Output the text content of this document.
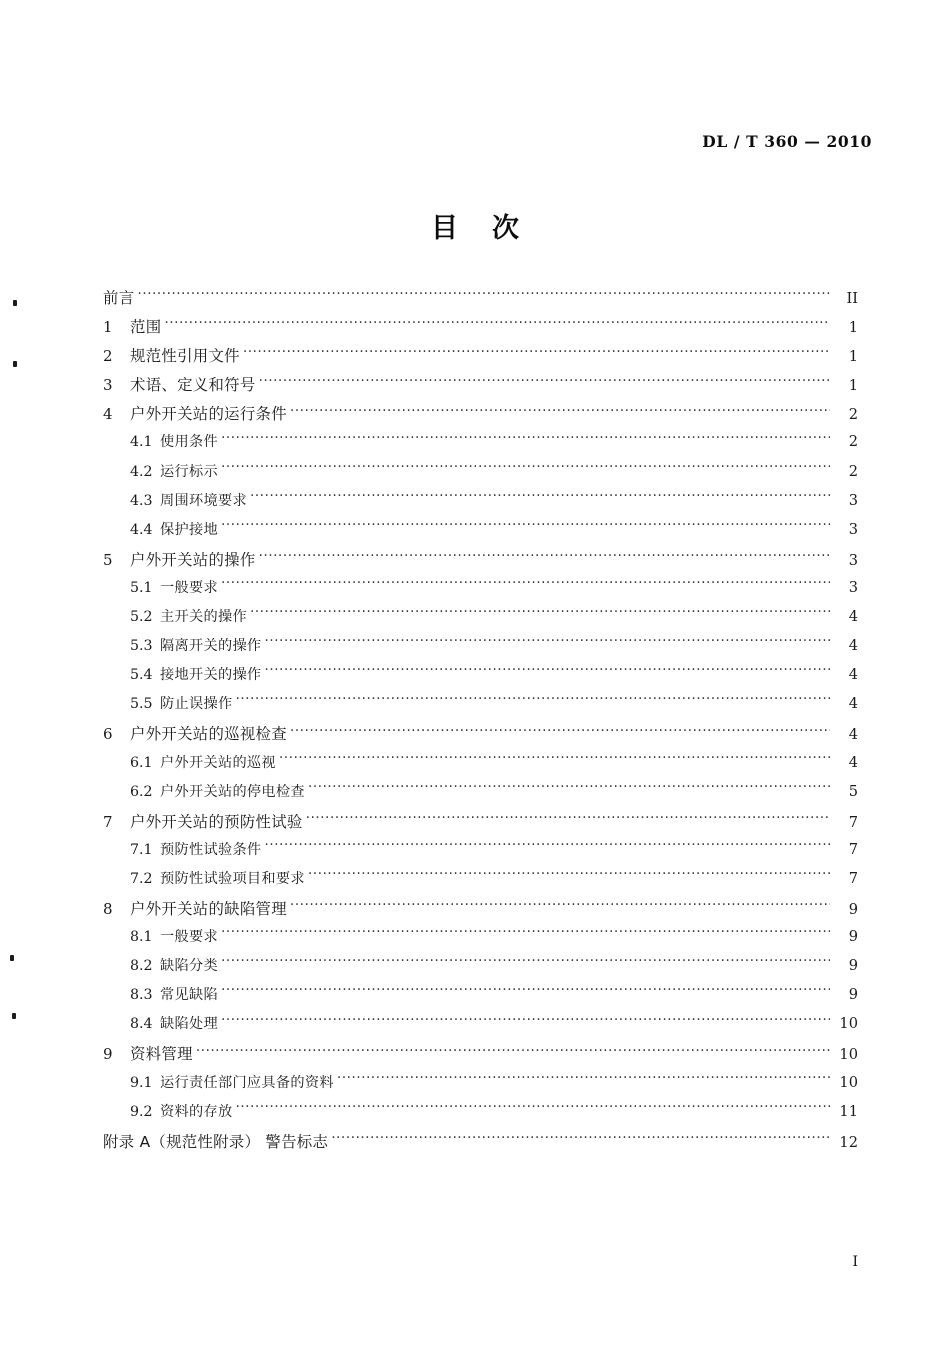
DL / T 360 — 2010
目 次
前言 ·····	II
1	范围 ·····	1
2	规范性引用文件 ·····	1
3	术语、定义和符号 ·····	1
4	户外开关站的运行条件 ·····	2
4.1 使用条件 ·····	2
4.2 运行标示 ·····	2
4.3 周围环境要求 ·····	3
4.4 保护接地 ·····	3
5	户外开关站的操作 ·····	3
5.1 一般要求 ·····	3
5.2 主开关的操作 ·····	4
5.3 隔离开关的操作 ·····	4
5.4 接地开关的操作 ·····	4
5.5 防止误操作 ·····	4
6	户外开关站的巡视检查 ·····	4
6.1 户外开关站的巡视 ·····	4
6.2 户外开关站的停电检查 ·····	5
7	户外开关站的预防性试验 ·····	7
7.1 预防性试验条件 ·····	7
7.2 预防性试验项目和要求 ·····	7
8	户外开关站的缺陷管理 ·····	9
8.1 一般要求 ·····	9
8.2 缺陷分类 ·····	9
8.3 常见缺陷 ·····	9
8.4 缺陷处理 ·····	10
9	资料管理 ·····	10
9.1 运行责任部门应具备的资料 ·····	10
9.2 资料的存放 ·····	11
附录 A（规范性附录） 警告标志 ·····	12
I
